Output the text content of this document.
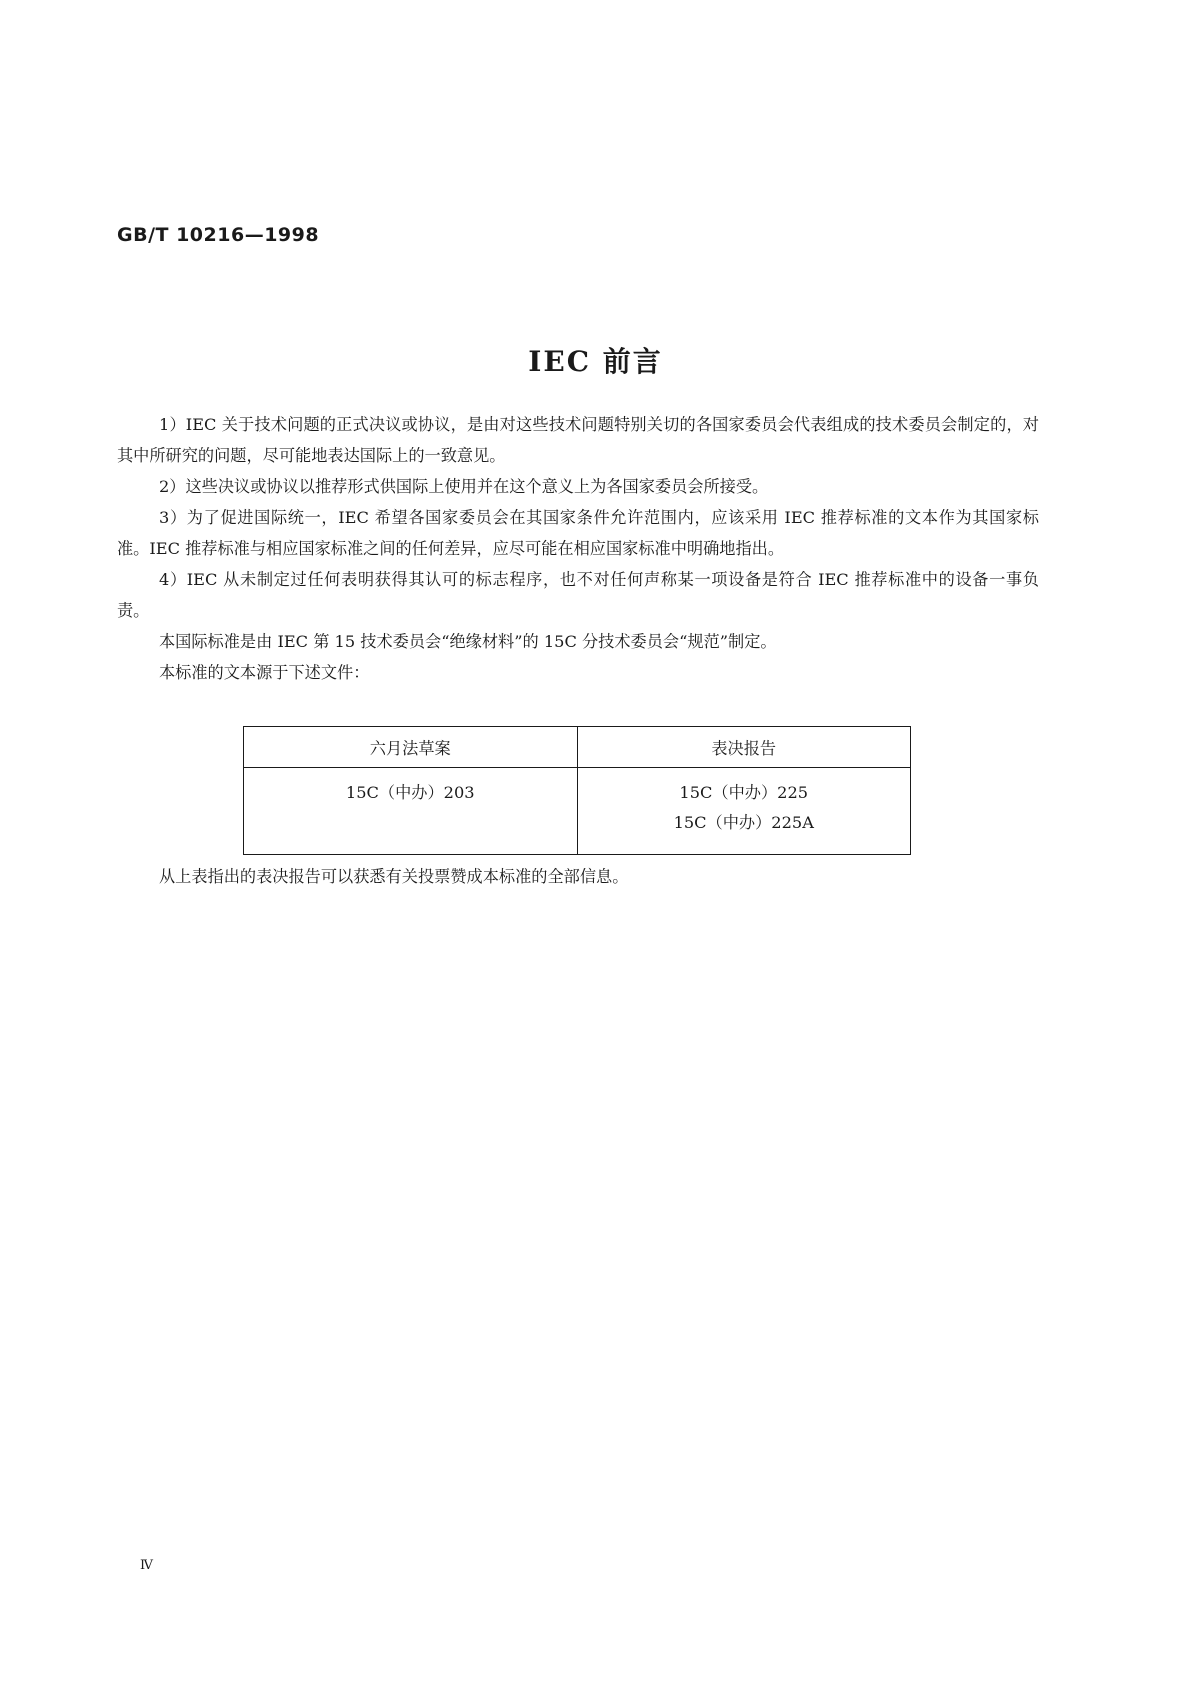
GB/T 10216—1998
IEC 前言

1）IEC 关于技术问题的正式决议或协议，是由对这些技术问题特别关切的各国家委员会代表组成的技术委员会制定的，对其中所研究的问题，尽可能地表达国际上的一致意见。

2）这些决议或协议以推荐形式供国际上使用并在这个意义上为各国家委员会所接受。

3）为了促进国际统一，IEC 希望各国家委员会在其国家条件允许范围内，应该采用 IEC 推荐标准的文本作为其国家标准。IEC 推荐标准与相应国家标准之间的任何差异，应尽可能在相应国家标准中明确地指出。

4）IEC 从未制定过任何表明获得其认可的标志程序，也不对任何声称某一项设备是符合 IEC 推荐标准中的设备一事负责。

本国际标准是由 IEC 第 15 技术委员会“绝缘材料”的 15C 分技术委员会“规范”制定。

本标准的文本源于下述文件：

六月法草案	表决报告

15C（中办）203	15C（中办）225
15C（中办）225A
从上表指出的表决报告可以获悉有关投票赞成本标准的全部信息。
Ⅳ
